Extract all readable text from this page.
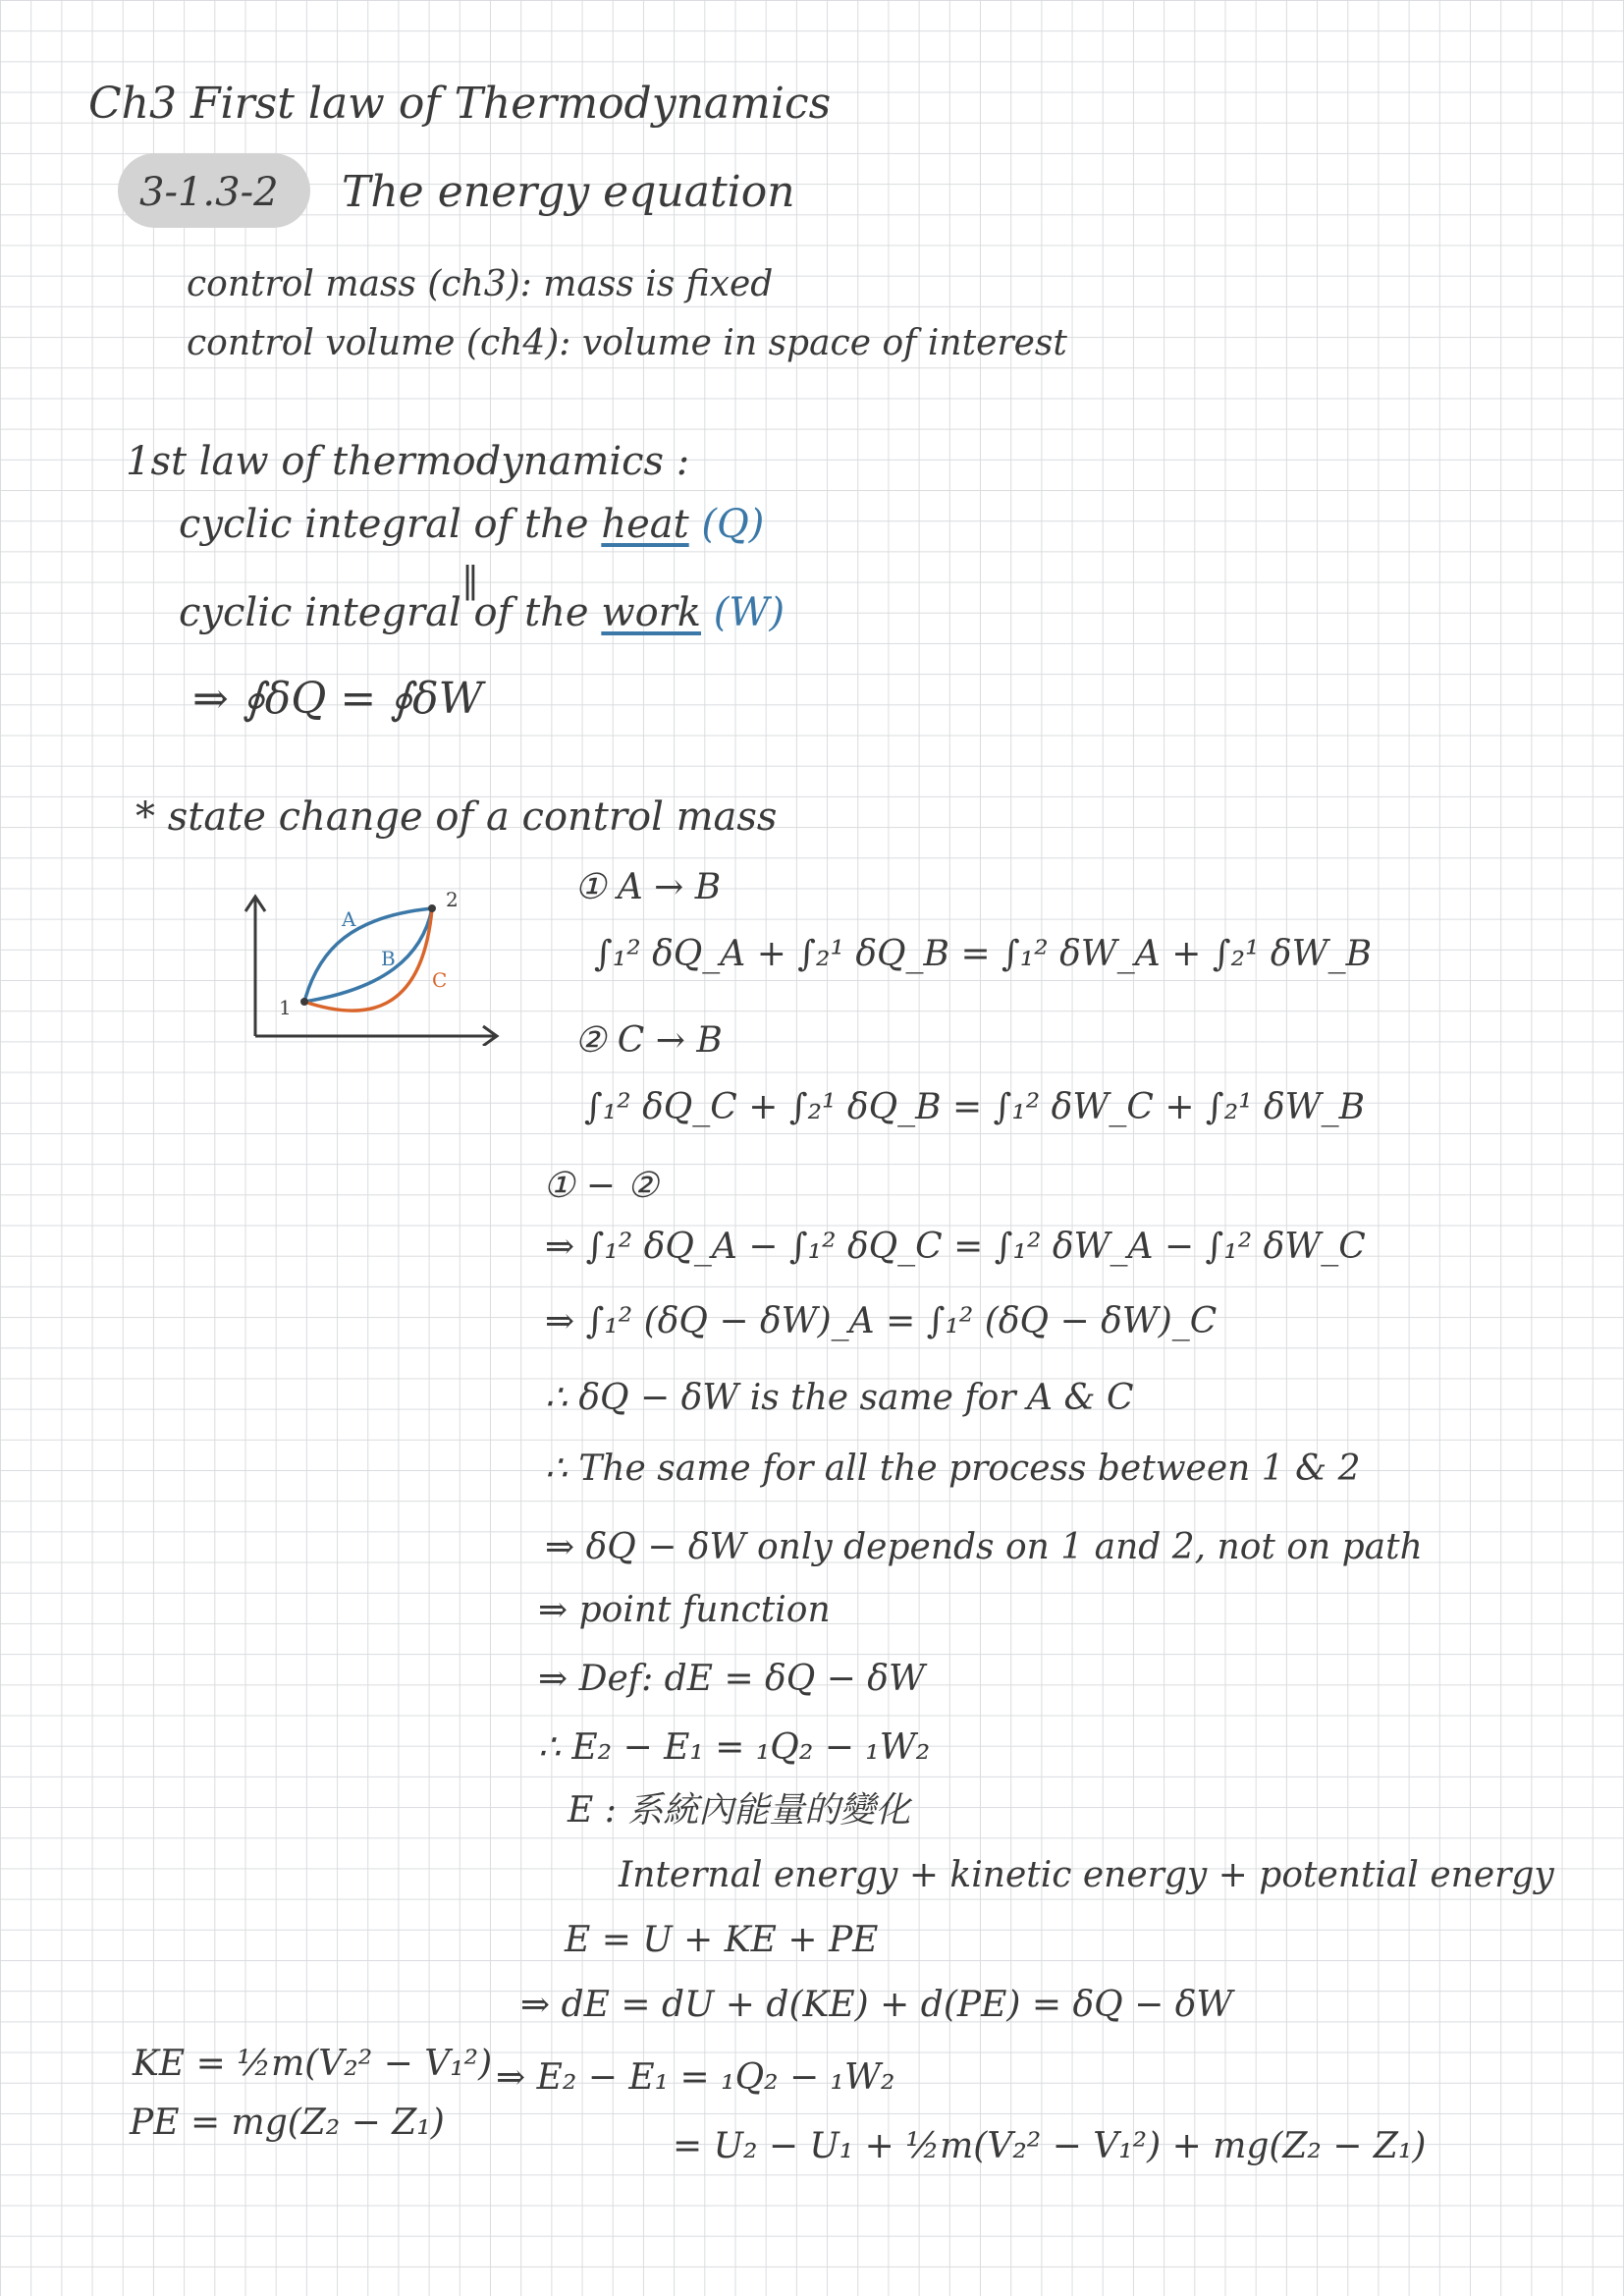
Ch3 First law of Thermodynamics
3-1.3-2 The energy equation
control mass (ch3): mass is fixed
control volume (ch4): volume in space of interest
1st law of thermodynamics :
cyclic integral of the heat (Q)
‖
cyclic integral of the work (W)
⇒ ∮δQ = ∮δW
* state change of a control mass
1
2
A
B
C
① A → B
∫₁² δQ_A + ∫₂¹ δQ_B = ∫₁² δW_A + ∫₂¹ δW_B
② C → B
∫₁² δQ_C + ∫₂¹ δQ_B = ∫₁² δW_C + ∫₂¹ δW_B
① − ②
⇒ ∫₁² δQ_A − ∫₁² δQ_C = ∫₁² δW_A − ∫₁² δW_C
⇒ ∫₁² (δQ − δW)_A = ∫₁² (δQ − δW)_C
∴ δQ − δW is the same for A & C
∴ The same for all the process between 1 & 2
⇒ δQ − δW only depends on 1 and 2, not on path
⇒ point function
⇒ Def: dE = δQ − δW
∴ E₂ − E₁ = ₁Q₂ − ₁W₂
E : 系統內能量的變化
Internal energy + kinetic energy + potential energy
E = U + KE + PE
⇒ dE = dU + d(KE) + d(PE) = δQ − δW
⇒ E₂ − E₁ = ₁Q₂ − ₁W₂
= U₂ − U₁ + ½m(V₂² − V₁²) + mg(Z₂ − Z₁)
KE = ½m(V₂² − V₁²)
PE = mg(Z₂ − Z₁)
